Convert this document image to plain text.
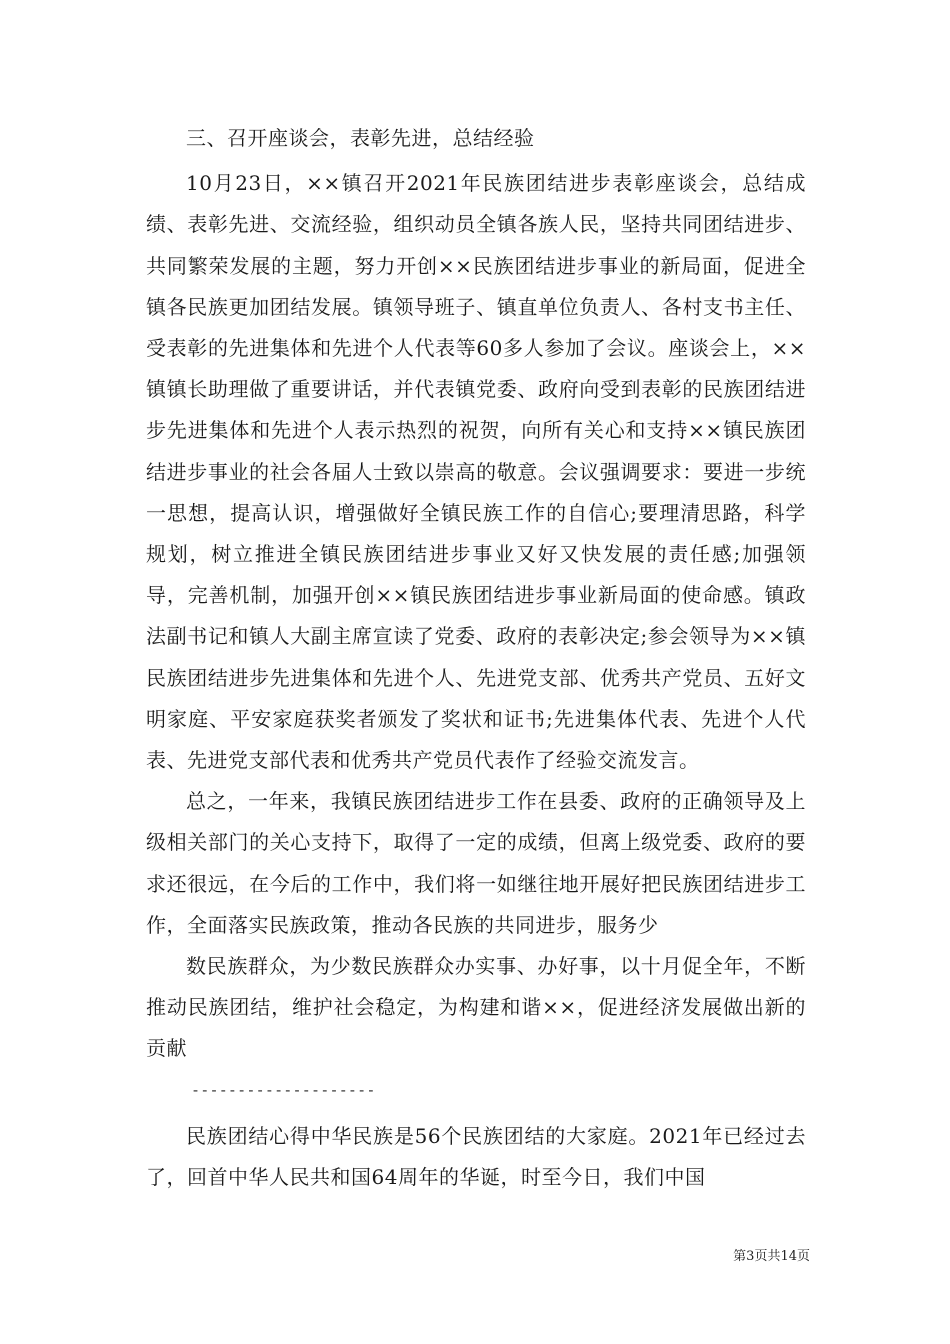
三、召开座谈会，表彰先进，总结经验

10月23日，××镇召开2021年民族团结进步表彰座谈会，总结成绩、表彰先进、交流经验，组织动员全镇各族人民，坚持共同团结进步、共同繁荣发展的主题，努力开创××民族团结进步事业的新局面，促进全镇各民族更加团结发展。镇领导班子、镇直单位负责人、各村支书主任、受表彰的先进集体和先进个人代表等60多人参加了会议。座谈会上，××镇镇长助理做了重要讲话，并代表镇党委、政府向受到表彰的民族团结进步先进集体和先进个人表示热烈的祝贺，向所有关心和支持××镇民族团结进步事业的社会各届人士致以崇高的敬意。会议强调要求：要进一步统一思想，提高认识，增强做好全镇民族工作的自信心;要理清思路，科学规划，树立推进全镇民族团结进步事业又好又快发展的责任感;加强领导，完善机制，加强开创××镇民族团结进步事业新局面的使命感。镇政法副书记和镇人大副主席宣读了党委、政府的表彰决定;参会领导为××镇民族团结进步先进集体和先进个人、先进党支部、优秀共产党员、五好文明家庭、平安家庭获奖者颁发了奖状和证书;先进集体代表、先进个人代表、先进党支部代表和优秀共产党员代表作了经验交流发言。

总之，一年来，我镇民族团结进步工作在县委、政府的正确领导及上级相关部门的关心支持下，取得了一定的成绩，但离上级党委、政府的要求还很远，在今后的工作中，我们将一如继往地开展好把民族团结进步工作，全面落实民族政策，推动各民族的共同进步，服务少

数民族群众，为少数民族群众办实事、办好事，以十月促全年，不断推动民族团结，维护社会稳定，为构建和谐××，促进经济发展做出新的贡献

--------------------

民族团结心得中华民族是56个民族团结的大家庭。2021年已经过去了，回首中华人民共和国64周年的华诞，时至今日，我们中国

第3页共14页
